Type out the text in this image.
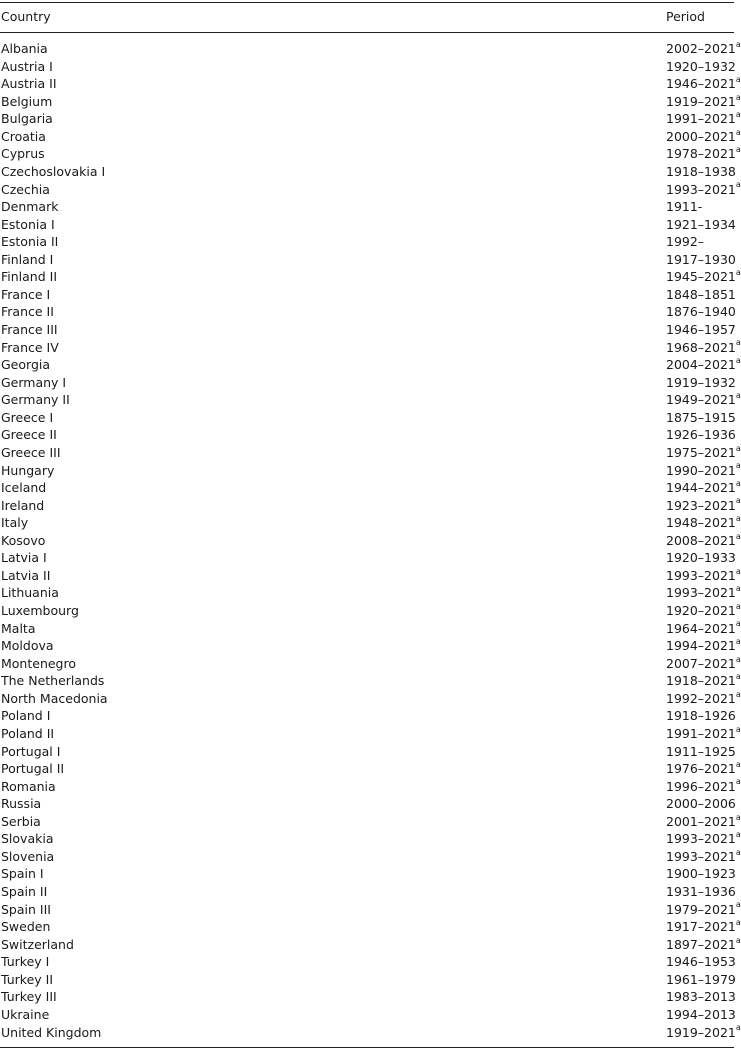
Country	Period
Albania	2002–2021$^a$
Austria I	1920–1932
Austria II	1946–2021$^a$
Belgium	1919–2021$^a$
Bulgaria	1991–2021$^a$
Croatia	2000–2021$^a$
Cyprus	1978–2021$^a$
Czechoslovakia I	1918–1938
Czechia	1993–2021$^a$
Denmark	1911-
Estonia I	1921–1934
Estonia II	1992–
Finland I	1917–1930
Finland II	1945–2021$^a$
France I	1848–1851
France II	1876–1940
France III	1946–1957
France IV	1968–2021$^a$
Georgia	2004–2021$^a$
Germany I	1919–1932
Germany II	1949–2021$^a$
Greece I	1875–1915
Greece II	1926–1936
Greece III	1975–2021$^a$
Hungary	1990–2021$^a$
Iceland	1944–2021$^a$
Ireland	1923–2021$^a$
Italy	1948–2021$^a$
Kosovo	2008–2021$^a$
Latvia I	1920–1933
Latvia II	1993–2021$^a$
Lithuania	1993–2021$^a$
Luxembourg	1920–2021$^a$
Malta	1964–2021$^a$
Moldova	1994–2021$^a$
Montenegro	2007–2021$^a$
The Netherlands	1918–2021$^a$
North Macedonia	1992–2021$^a$
Poland I	1918–1926
Poland II	1991–2021$^a$
Portugal I	1911–1925
Portugal II	1976–2021$^a$
Romania	1996–2021$^a$
Russia	2000–2006
Serbia	2001–2021$^a$
Slovakia	1993–2021$^a$
Slovenia	1993–2021$^a$
Spain I	1900–1923
Spain II	1931–1936
Spain III	1979–2021$^a$
Sweden	1917–2021$^a$
Switzerland	1897–2021$^a$
Turkey I	1946–1953
Turkey II	1961–1979
Turkey III	1983–2013
Ukraine	1994–2013
United Kingdom	1919–2021$^a$
